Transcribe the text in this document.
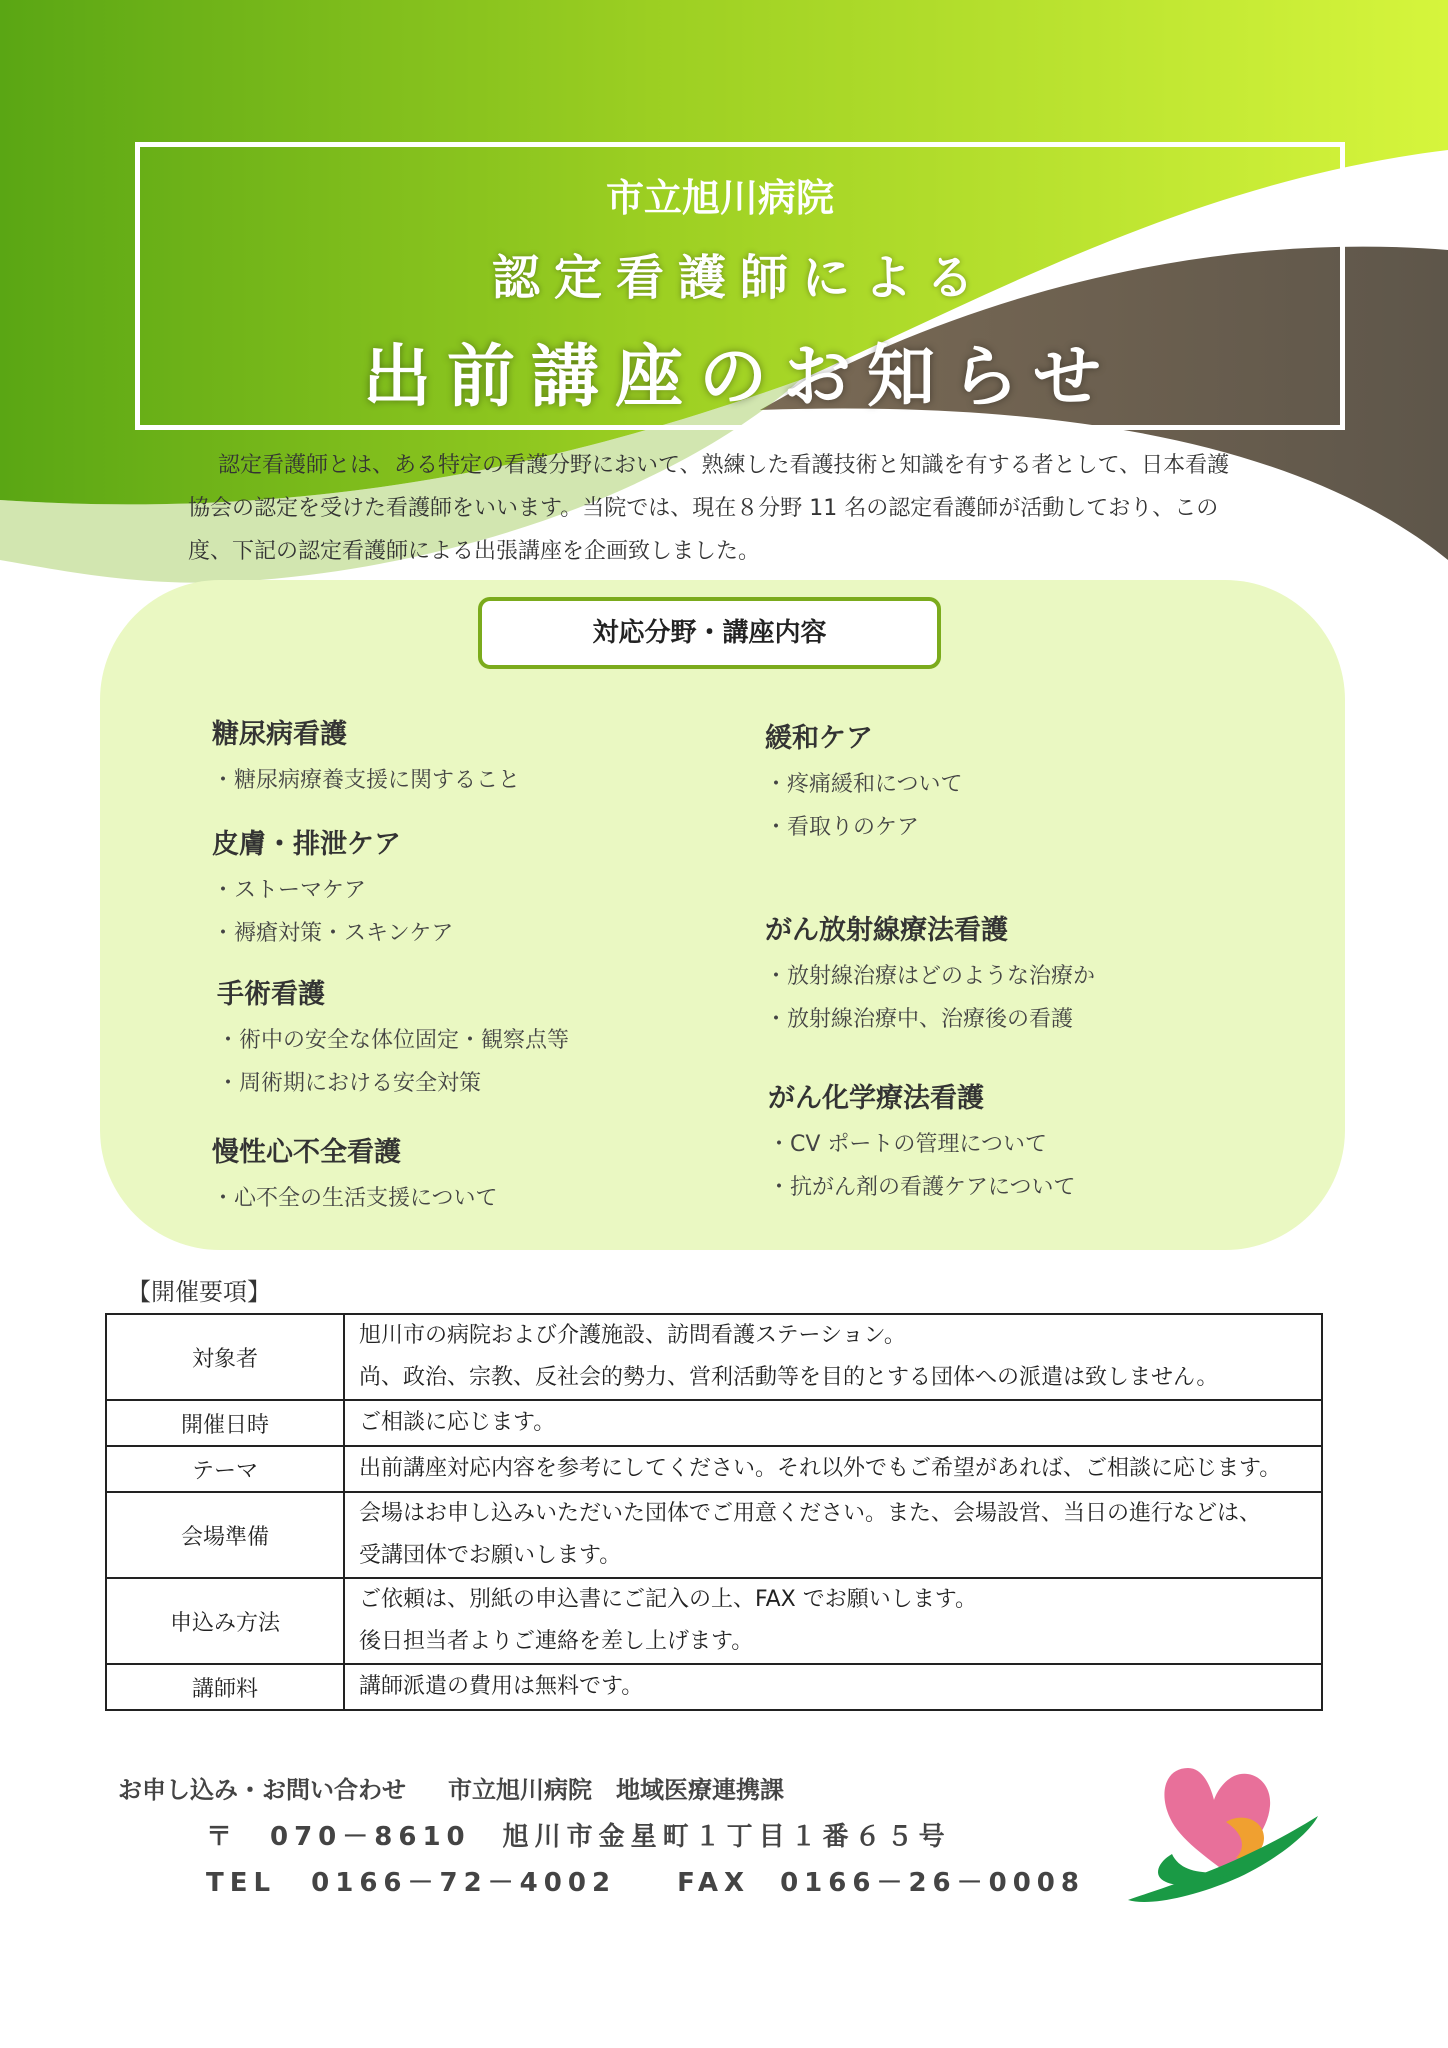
市立旭川病院
認定看護師による
出前講座のお知らせ
認定看護師とは、ある特定の看護分野において、熟練した看護技術と知識を有する者として、日本看護
協会の認定を受けた看護師をいいます。当院では、現在８分野 11 名の認定看護師が活動しており、この
度、下記の認定看護師による出張講座を企画致しました。
対応分野・講座内容
糖尿病看護
・糖尿病療養支援に関すること
皮膚・排泄ケア
・ストーマケア
・褥瘡対策・スキンケア
手術看護
・術中の安全な体位固定・観察点等
・周術期における安全対策
慢性心不全看護
・心不全の生活支援について
緩和ケア
・疼痛緩和について
・看取りのケア
がん放射線療法看護
・放射線治療はどのような治療か
・放射線治療中、治療後の看護
がん化学療法看護
・CV ポートの管理について
・抗がん剤の看護ケアについて
【開催要項】
対象者	旭川市の病院および介護施設、訪問看護ステーション。
尚、政治、宗教、反社会的勢力、営利活動等を目的とする団体への派遣は致しません。

開催日時	ご相談に応じます。

テーマ	出前講座対応内容を参考にしてください。それ以外でもご希望があれば、ご相談に応じます。

会場準備	会場はお申し込みいただいた団体でご用意ください。また、会場設営、当日の進行などは、
受講団体でお願いします。

申込み方法	ご依頼は、別紙の申込書にご記入の上、FAX でお願いします。
後日担当者よりご連絡を差し上げます。

講師料	講師派遣の費用は無料です。
お申し込み・お問い合わせ 市立旭川病院　地域医療連携課
〒　070－8610　旭川市金星町１丁目１番６５号
TEL 0166－72－4002 FAX 0166－26－0008
